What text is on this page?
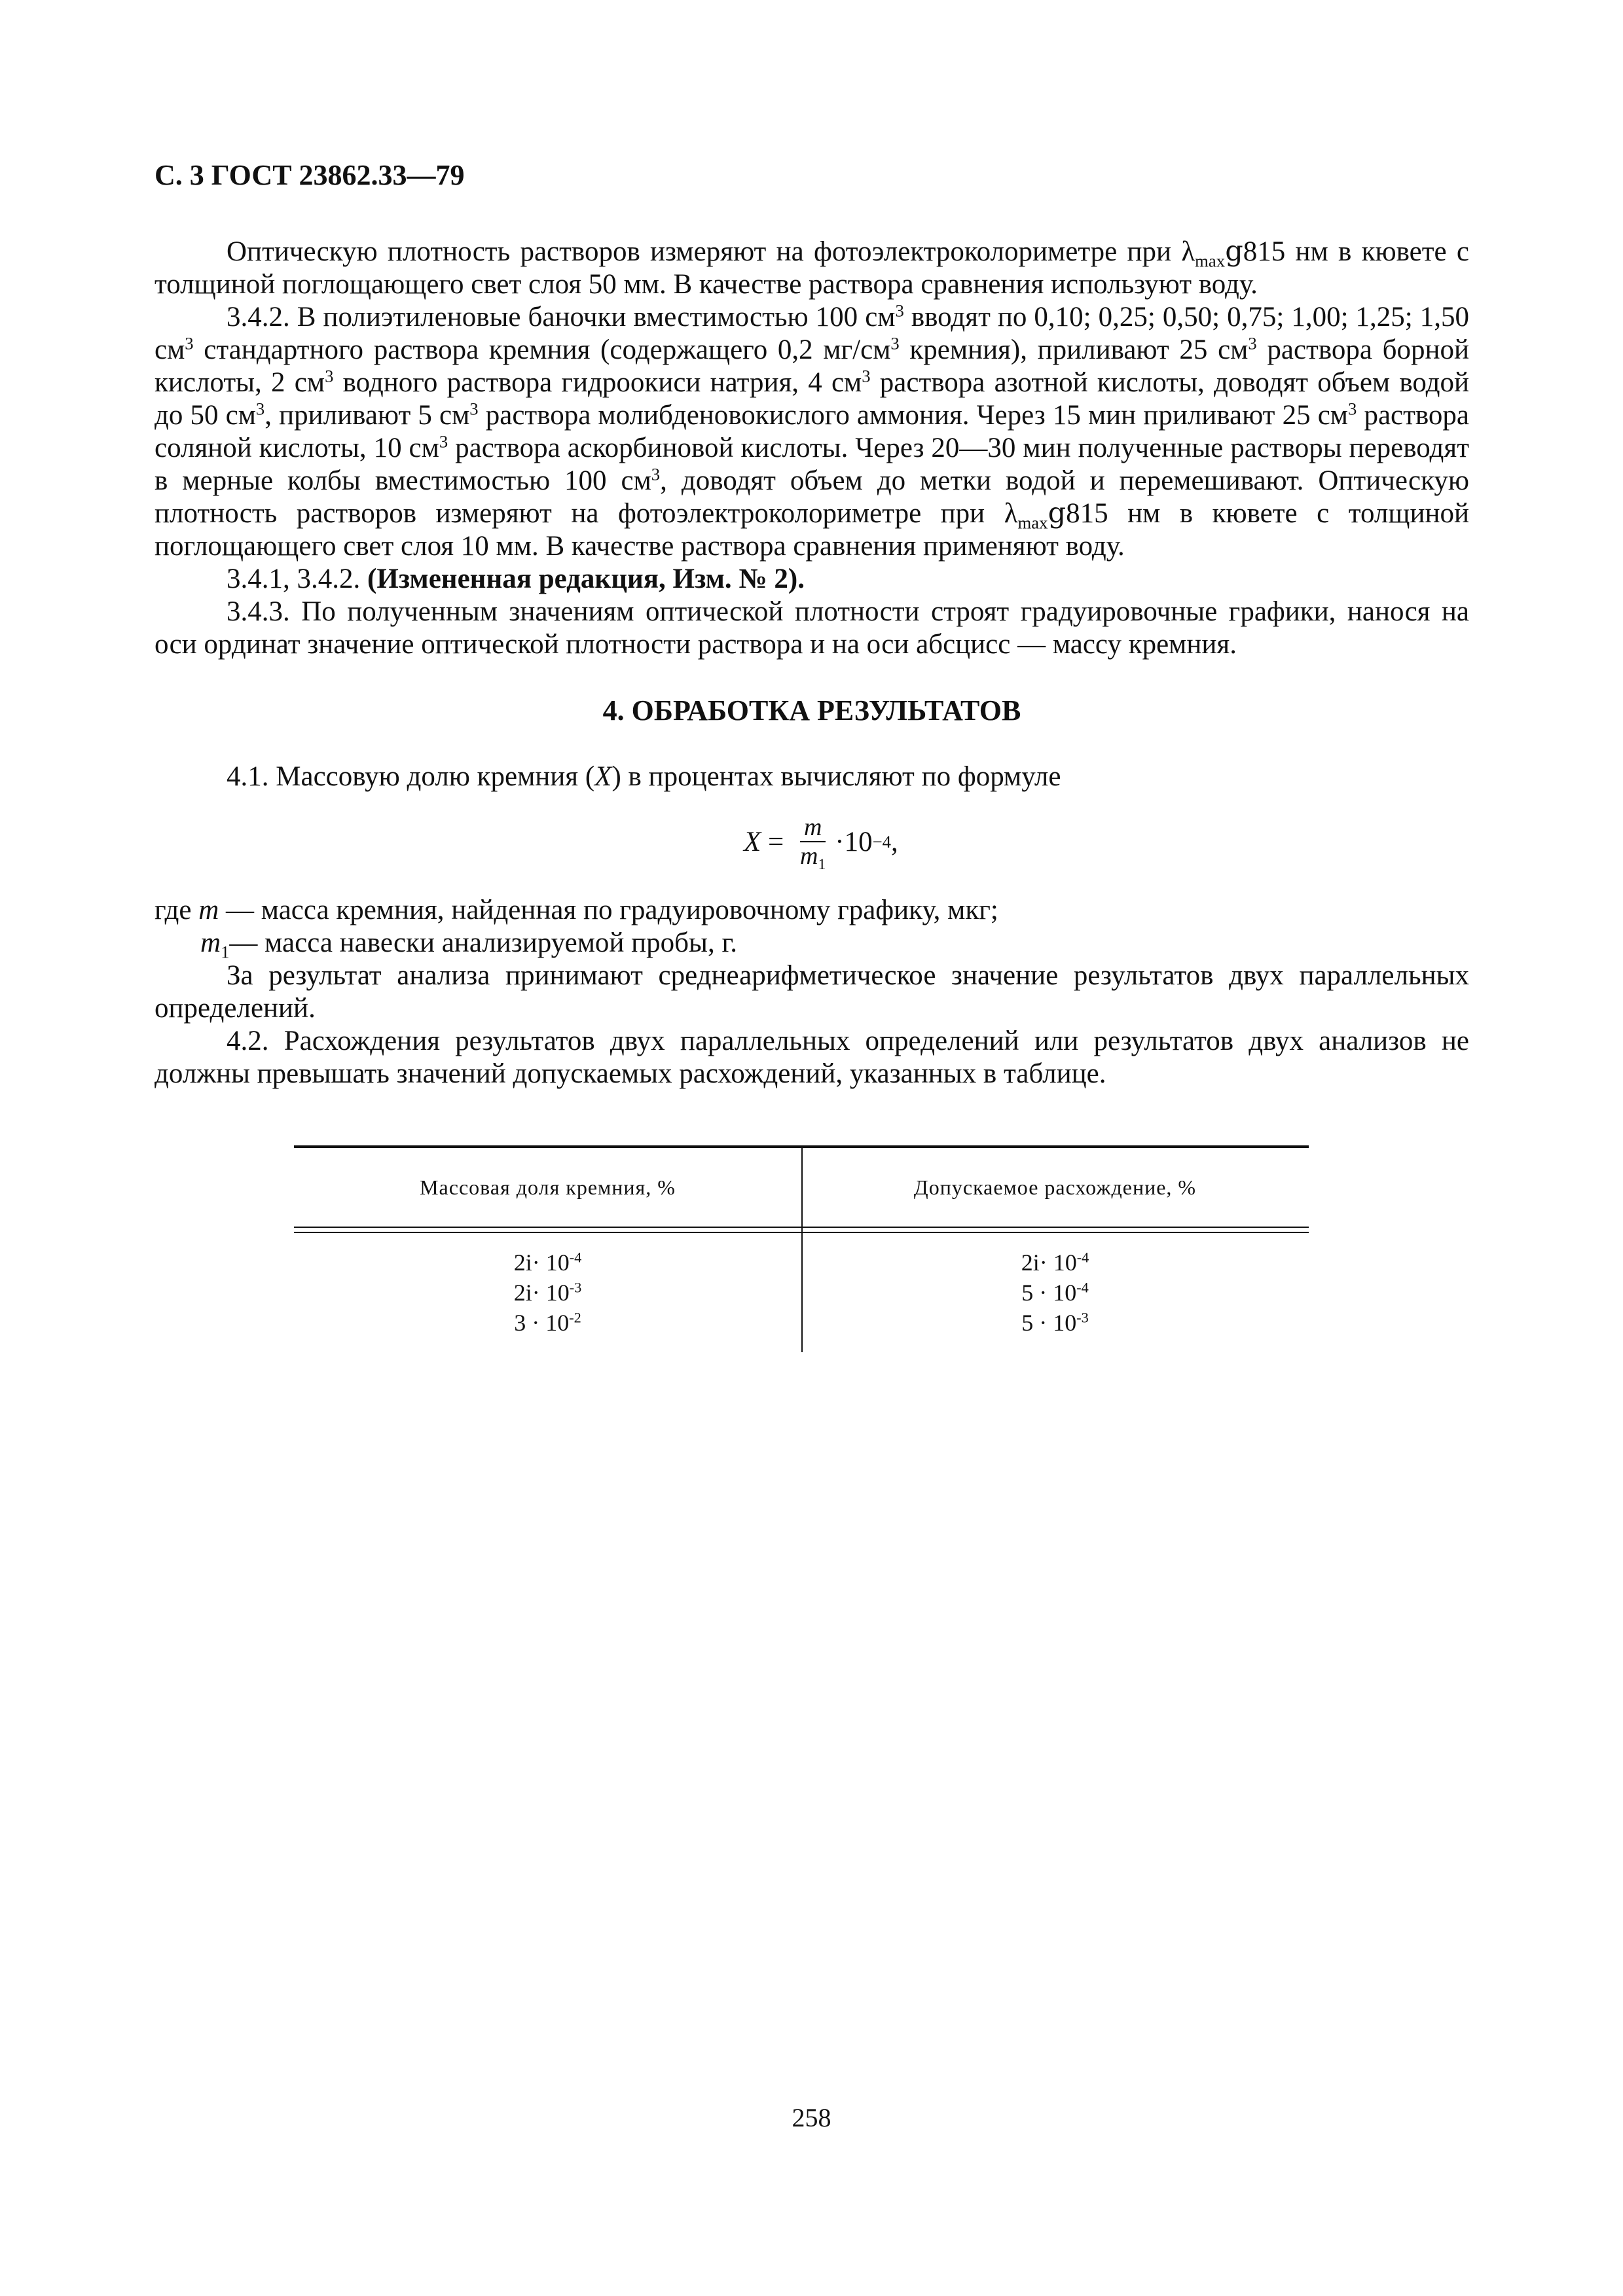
С. 3 ГОСТ 23862.33—79

Оптическую плотность растворов измеряют на фотоэлектроколориметре при $\lambda_{max}ց815$ нм в кювете с толщиной поглощающего свет слоя 50 мм. В качестве раствора сравнения используют воду.

3.4.2. В полиэтиленовые баночки вместимостью 100 $см^3$ вводят по 0,10; 0,25; 0,50; 0,75; 1,00; 1,25; 1,50 $см^3$ стандартного раствора кремния (содержащего 0,2 $мг/см^3$ кремния), приливают 25 $см^3$ раствора борной кислоты, 2 $см^3$ водного раствора гидроокиси натрия, 4 $см^3$ раствора азотной кислоты, доводят объем водой до 50 $см^3$, приливают 5 $см^3$ раствора молибденовокислого аммония. Через 15 мин приливают 25 $см^3$ раствора соляной кислоты, 10 $см^3$ раствора аскорбиновой кислоты. Через 20—30 мин полученные растворы переводят в мерные колбы вместимостью 100 $см^3$, доводят объем до метки водой и перемешивают. Оптическую плотность растворов измеряют на фотоэлектроколориметре при $\lambda_{max}ց815$ нм в кювете с толщиной поглощающего свет слоя 10 мм. В качестве раствора сравнения применяют воду.

3.4.1, 3.4.2. (Измененная редакция, Изм. № 2).

3.4.3. По полученным значениям оптической плотности строят градуировочные графики, нанося на оси ординат значение оптической плотности раствора и на оси абсцисс — массу кремния.

4. ОБРАБОТКА РЕЗУЛЬТАТОВ

4.1. Массовую долю кремния (X) в процентах вычисляют по формуле

$X = \frac{m}{m_1} \cdot 10 -4$ ,

где m — масса кремния, найденная по градуировочному графику, мкг;

$m_1—$ масса навески анализируемой пробы, г.

За результат анализа принимают среднеарифметическое значение результатов двух параллельных определений.

4.2. Расхождения результатов двух параллельных определений или результатов двух анализов не должны превышать значений допускаемых расхождений, указанных в таблице.

Массовая доля кремния, %	Допускаемое расхождение, %
$2і\cdot 10^{-4}$
$2і\cdot 10^{-3}$
$3 \cdot 10^{-2}$
$2і\cdot 10^{-4}$
$5 \cdot 10^{-4}$
$5 \cdot 10^{-3}$
258
